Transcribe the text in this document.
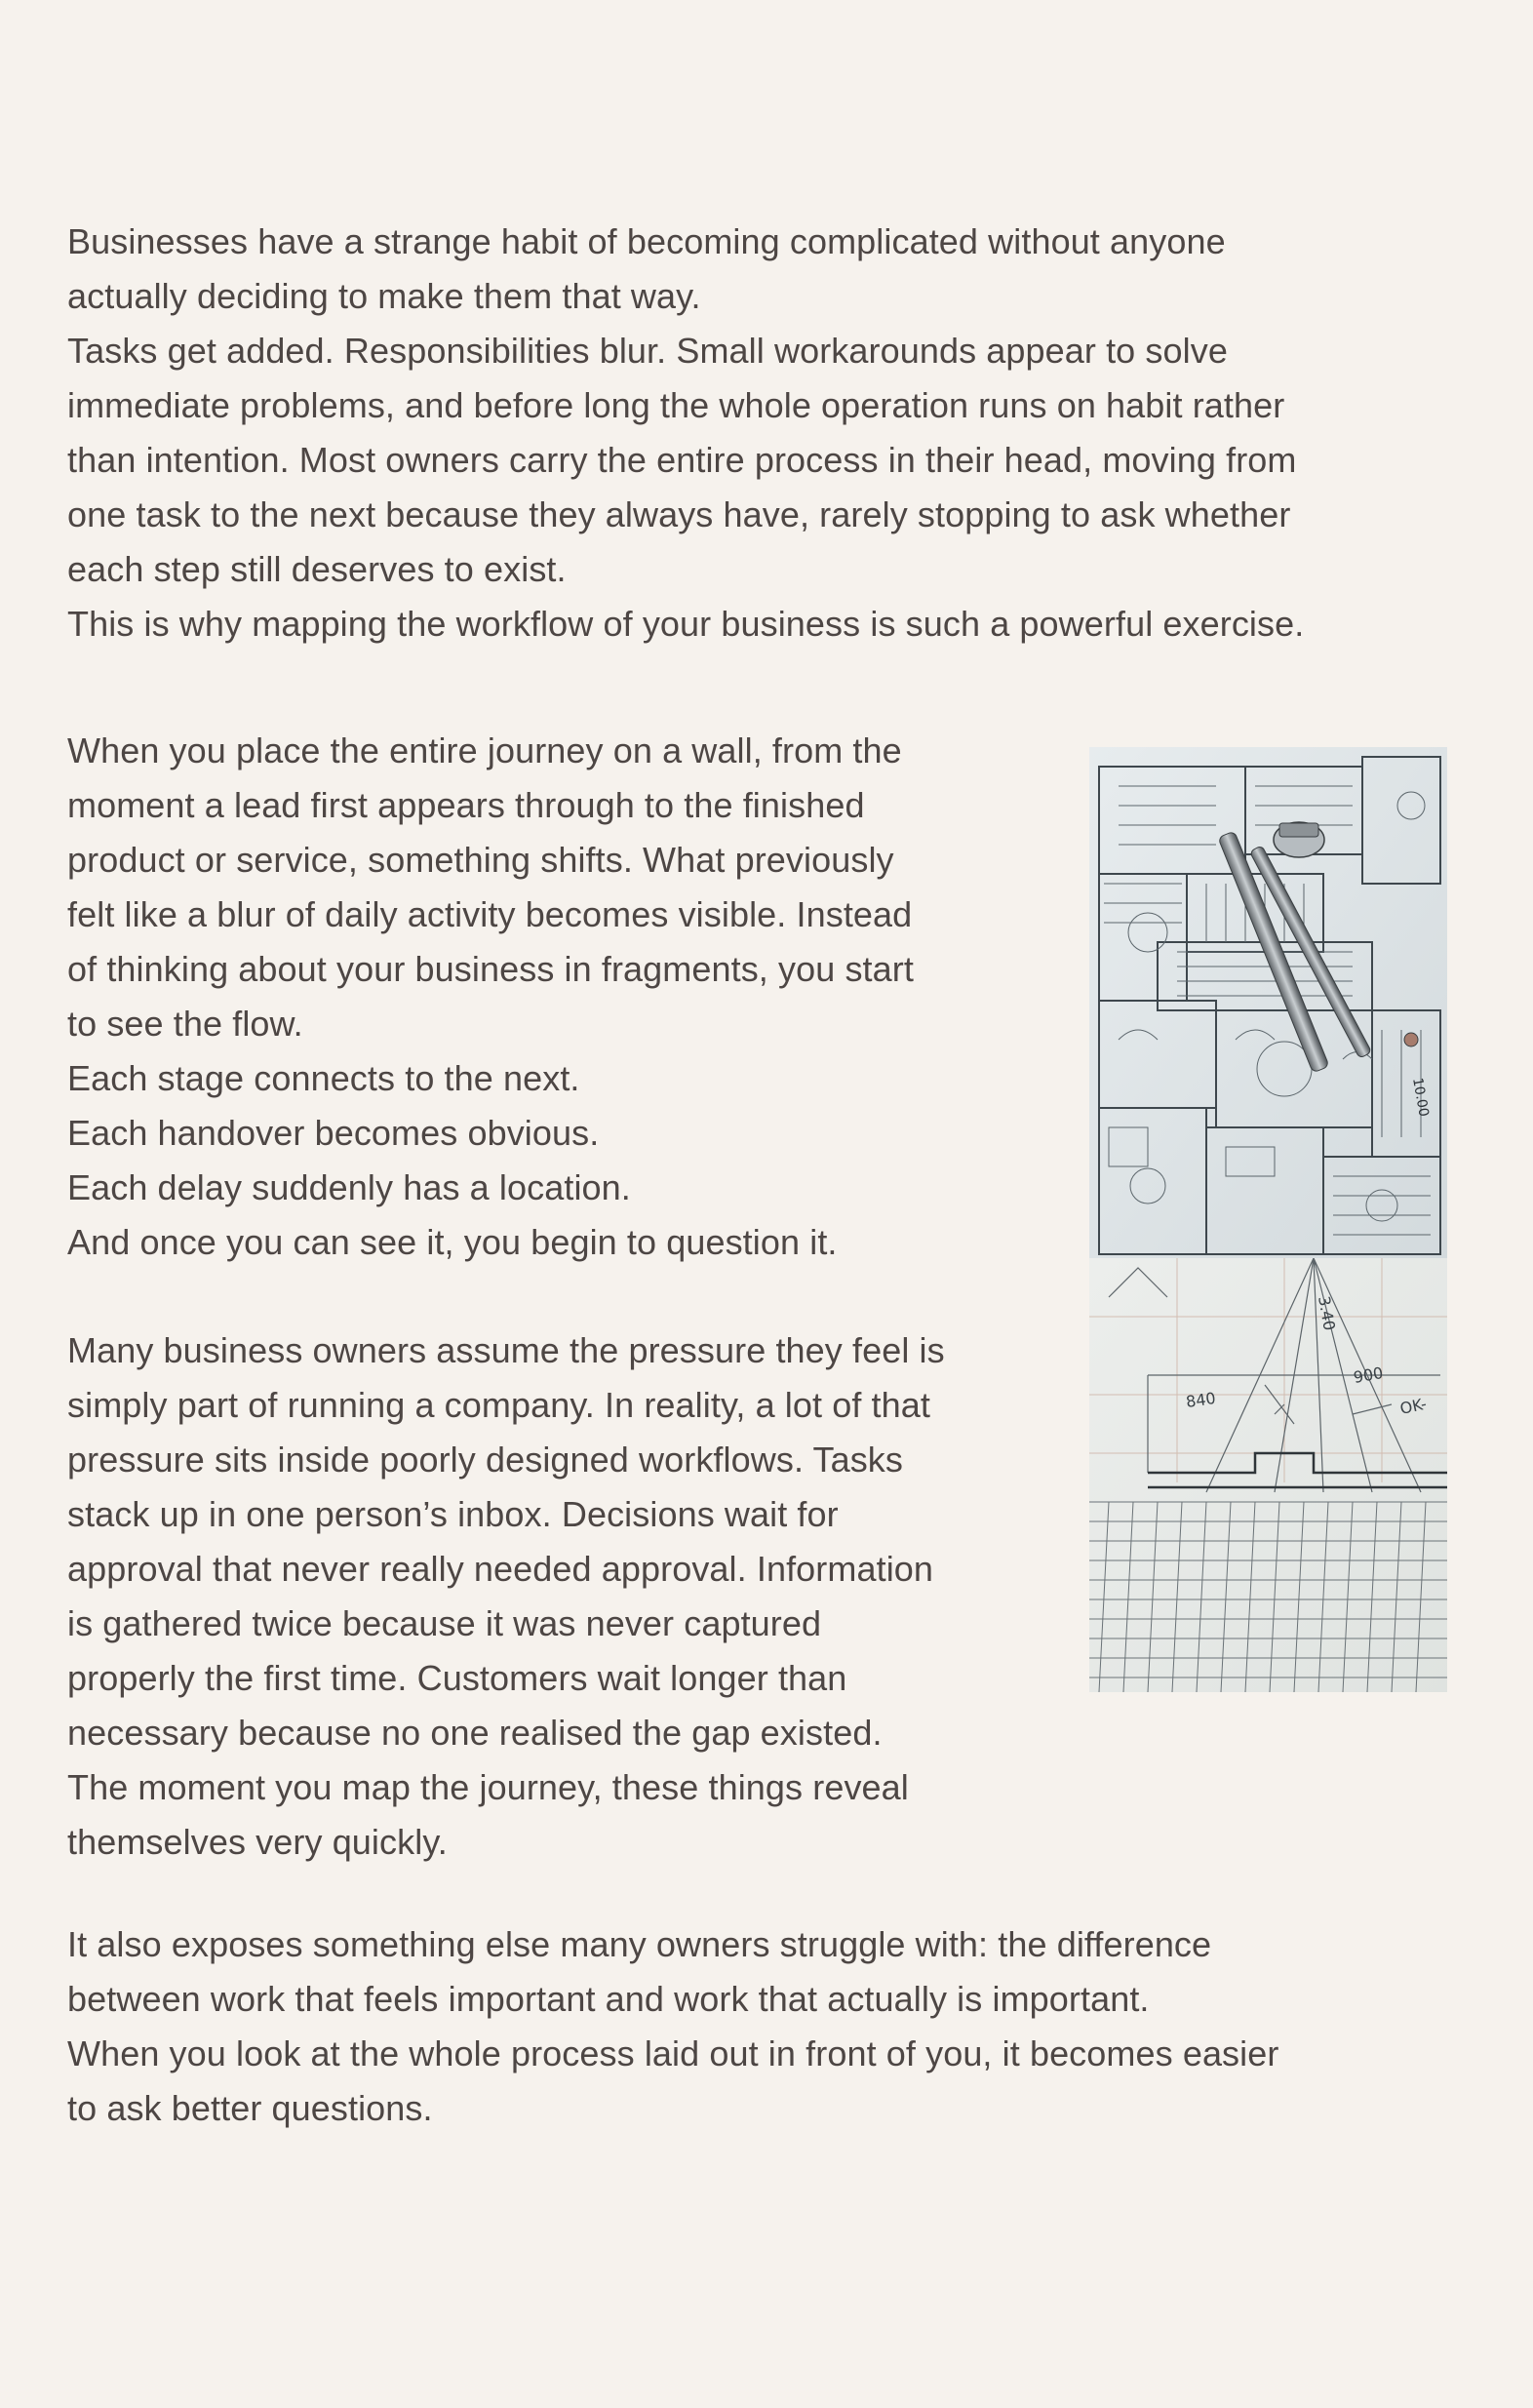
Businesses have a strange habit of becoming complicated without anyone

actually deciding to make them that way.

Tasks get added. Responsibilities blur. Small workarounds appear to solve

immediate problems, and before long the whole operation runs on habit rather

than intention. Most owners carry the entire process in their head, moving from

one task to the next because they always have, rarely stopping to ask whether

each step still deserves to exist.

This is why mapping the workflow of your business is such a powerful exercise.

When you place the entire journey on a wall, from the

moment a lead first appears through to the finished

product or service, something shifts. What previously

felt like a blur of daily activity becomes visible. Instead

of thinking about your business in fragments, you start

to see the flow.

Each stage connects to the next.

Each handover becomes obvious.

Each delay suddenly has a location.

And once you can see it, you begin to question it.

Many business owners assume the pressure they feel is

simply part of running a company. In reality, a lot of that

pressure sits inside poorly designed workflows. Tasks

stack up in one person’s inbox. Decisions wait for

approval that never really needed approval. Information

is gathered twice because it was never captured

properly the first time. Customers wait longer than

necessary because no one realised the gap existed.

The moment you map the journey, these things reveal

themselves very quickly.

It also exposes something else many owners struggle with: the difference

between work that feels important and work that actually is important.

When you look at the whole process laid out in front of you, it becomes easier

to ask better questions.

10.00
840
900
OK-
3.40
